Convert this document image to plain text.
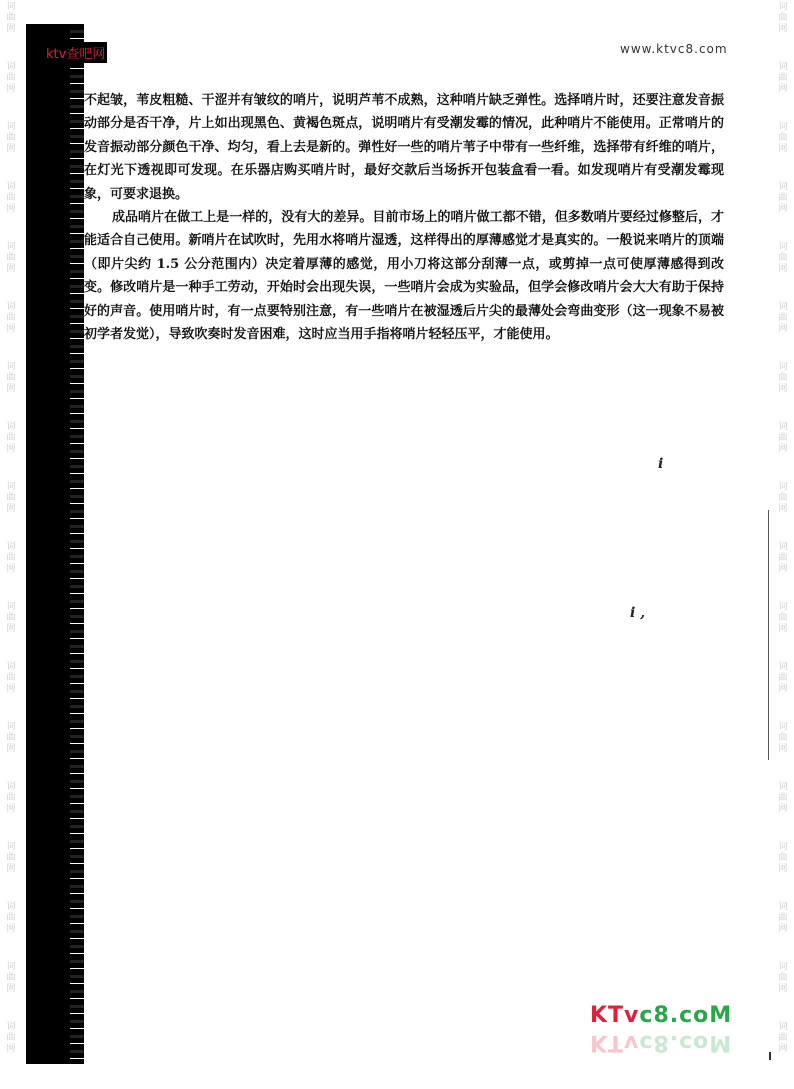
词
曲
网
词
曲
网
词
曲
网
词
曲
网
词
曲
网
词
曲
网
词
曲
网
词
曲
网
词
曲
网
词
曲
网
词
曲
网
词
曲
网
词
曲
网
词
曲
网
词
曲
网
词
曲
网
词
曲
网
词
曲
网
词
曲
网
词
曲
网
词
曲
网
词
曲
网
词
曲
网
词
曲
网
词
曲
网
词
曲
网
词
曲
网
词
曲
网
词
曲
网
词
曲
网
词
曲
网
词
曲
网
词
曲
网
词
曲
网
词
曲
网
词
曲
网
ktv查吧网	www.ktvc8.com

不起皱，苇皮粗糙、干涩并有皱纹的哨片，说明芦苇不成熟，这种哨片缺乏弹性。选择哨片时，还要注意发音振动部分是否干净，片上如出现黑色、黄褐色斑点，说明哨片有受潮发霉的情况，此种哨片不能使用。正常哨片的发音振动部分颜色干净、均匀，看上去是新的。弹性好一些的哨片苇子中带有一些纤维，选择带有纤维的哨片，在灯光下透视即可发现。在乐器店购买哨片时，最好交款后当场拆开包装盒看一看。如发现哨片有受潮发霉现象，可要求退换。

成品哨片在做工上是一样的，没有大的差异。目前市场上的哨片做工都不错，但多数哨片要经过修整后，才能适合自己使用。新哨片在试吹时，先用水将哨片湿透，这样得出的厚薄感觉才是真实的。一般说来哨片的顶端（即片尖约 1.5 公分范围内）决定着厚薄的感觉，用小刀将这部分刮薄一点，或剪掉一点可使厚薄感得到改变。修改哨片是一种手工劳动，开始时会出现失误，一些哨片会成为实验品，但学会修改哨片会大大有助于保持好的声音。使用哨片时，有一点要特别注意，有一些哨片在被湿透后片尖的最薄处会弯曲变形（这一现象不易被初学者发觉），导致吹奏时发音困难，这时应当用手指将哨片轻轻压平，才能使用。

i
i ,
KTvc8.coM
KTvc8.coM
